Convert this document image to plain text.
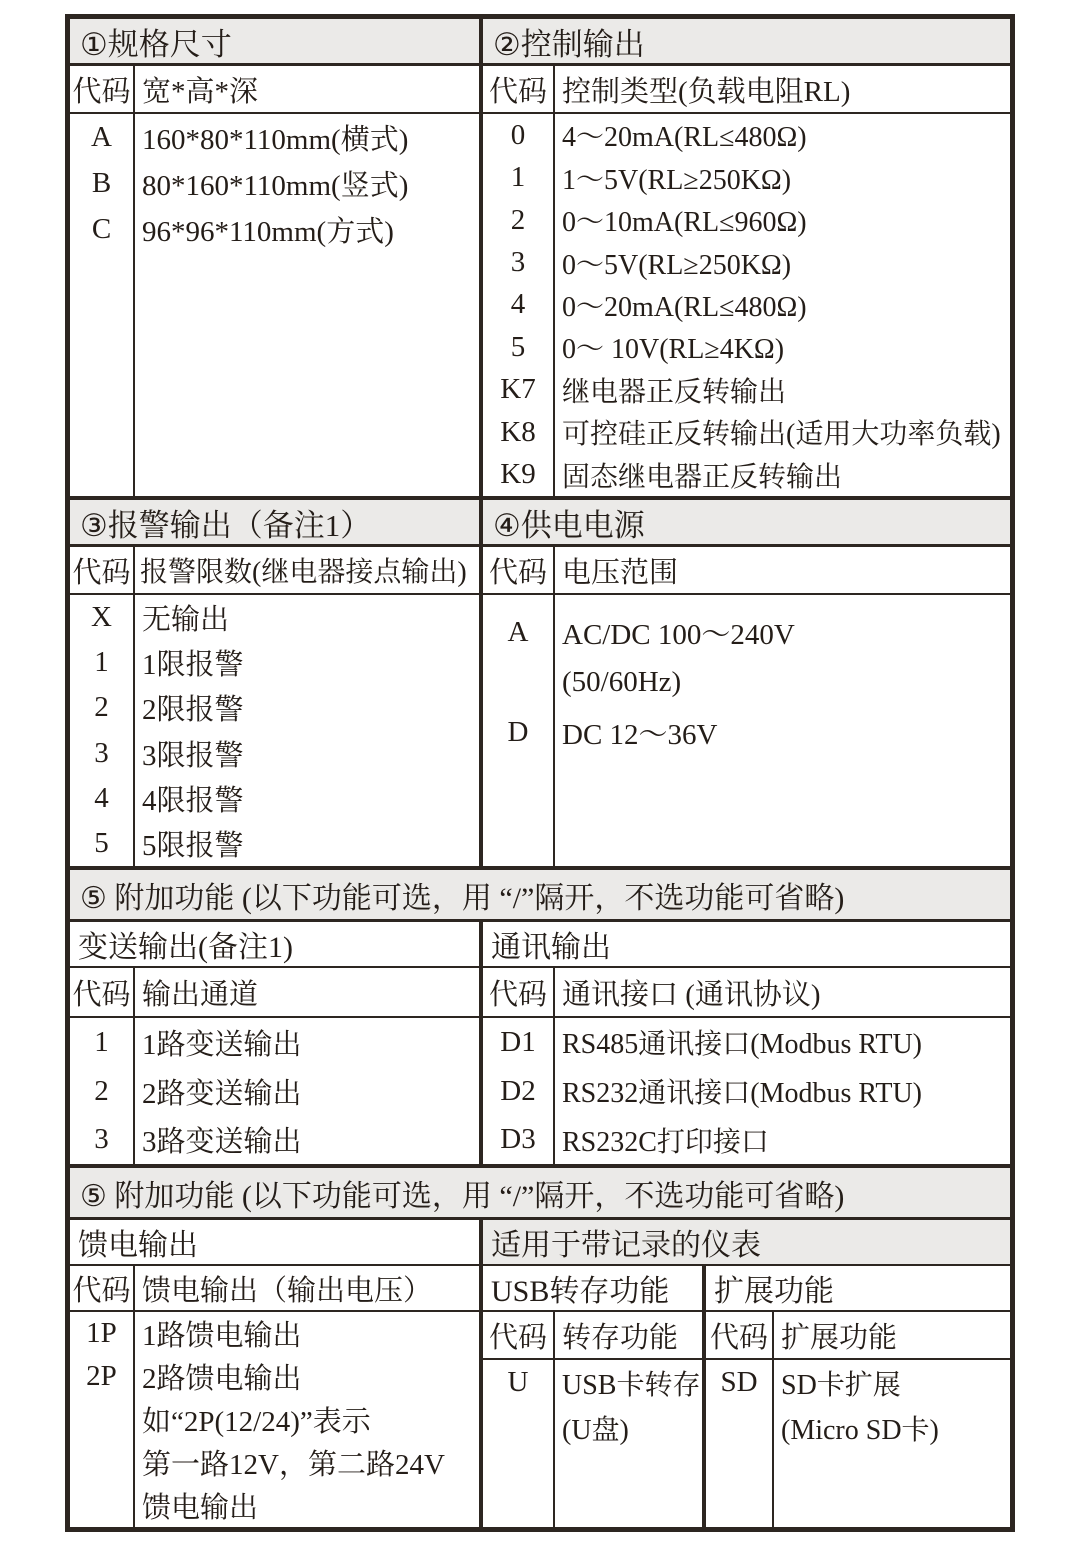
①规格尺寸
代码 宽*高*深
A
B
C
160*80*110mm(横式)
80*160*110mm(竖式)
96*96*110mm(方式)
②控制输出
代码 控制类型(负载电阻RL)
0
1
2
3
4
5
K7
K8
K9
4～20mA(RL≤480Ω)
1～5V(RL≥250KΩ)
0～10mA(RL≤960Ω)
0～5V(RL≥250KΩ)
0～20mA(RL≤480Ω)
0～ 10V(RL≥4KΩ)
继电器正反转输出
可控硅正反转输出(适用大功率负载)
固态继电器正反转输出
③报警输出（备注1）
代码 报警限数(继电器接点输出)
X
1
2
3
4
5
无输出
1限报警
2限报警
3限报警
4限报警
5限报警
④供电电源
代码 电压范围
A
D
AC/DC 100～240V
(50/60Hz)
DC 12～36V
⑤ 附加功能 (以下功能可选，用 “/”隔开，不选功能可省略)
变送输出(备注1)
代码 输出通道
1
2
3
1路变送输出
2路变送输出
3路变送输出
通讯输出
代码 通讯接口 (通讯协议)
D1
D2
D3
RS485通讯接口(Modbus RTU)
RS232通讯接口(Modbus RTU)
RS232C打印接口
⑤ 附加功能 (以下功能可选，用 “/”隔开，不选功能可省略)
馈电输出
代码 馈电输出（输出电压）
1P
2P
1路馈电输出
2路馈电输出
如“2P(12/24)”表示
第一路12V，第二路24V
馈电输出
适用于带记录的仪表
USB转存功能
代码 转存功能
U	USB卡转存
(U盘)
扩展功能
代码 扩展功能
SD SD卡扩展
(Micro SD卡)
